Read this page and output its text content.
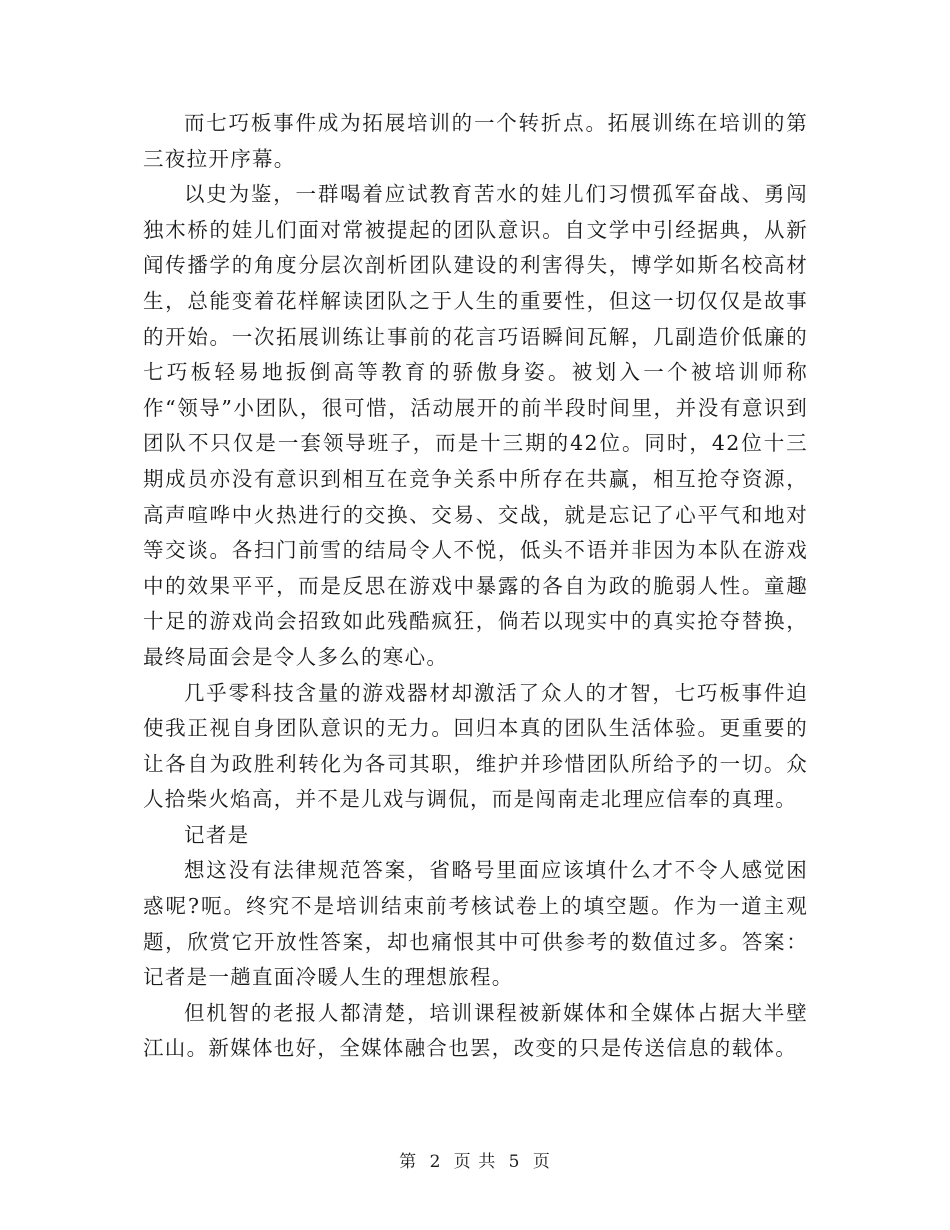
而七巧板事件成为拓展培训的一个转折点。拓展训练在培训的第三夜拉开序幕。

以史为鉴，一群喝着应试教育苦水的娃儿们习惯孤军奋战、勇闯独木桥的娃儿们面对常被提起的团队意识。自文学中引经据典，从新闻传播学的角度分层次剖析团队建设的利害得失，博学如斯名校高材生，总能变着花样解读团队之于人生的重要性，但这一切仅仅是故事的开始。一次拓展训练让事前的花言巧语瞬间瓦解，几副造价低廉的七巧板轻易地扳倒高等教育的骄傲身姿。被划入一个被培训师称作“领导”小团队，很可惜，活动展开的前半段时间里，并没有意识到团队不只仅是一套领导班子，而是十三期的42位。同时，42位十三期成员亦没有意识到相互在竞争关系中所存在共赢，相互抢夺资源，高声喧哗中火热进行的交换、交易、交战，就是忘记了心平气和地对等交谈。各扫门前雪的结局令人不悦，低头不语并非因为本队在游戏中的效果平平，而是反思在游戏中暴露的各自为政的脆弱人性。童趣十足的游戏尚会招致如此残酷疯狂，倘若以现实中的真实抢夺替换，最终局面会是令人多么的寒心。

几乎零科技含量的游戏器材却激活了众人的才智，七巧板事件迫使我正视自身团队意识的无力。回归本真的团队生活体验。更重要的让各自为政胜利转化为各司其职，维护并珍惜团队所给予的一切。众人拾柴火焰高，并不是儿戏与调侃，而是闯南走北理应信奉的真理。

记者是

想这没有法律规范答案，省略号里面应该填什么才不令人感觉困惑呢?呃。终究不是培训结束前考核试卷上的填空题。作为一道主观题，欣赏它开放性答案，却也痛恨其中可供参考的数值过多。答案：记者是一趟直面冷暖人生的理想旅程。

但机智的老报人都清楚，培训课程被新媒体和全媒体占据大半壁江山。新媒体也好，全媒体融合也罢，改变的只是传送信息的载体。

第 2 页 共 5 页
